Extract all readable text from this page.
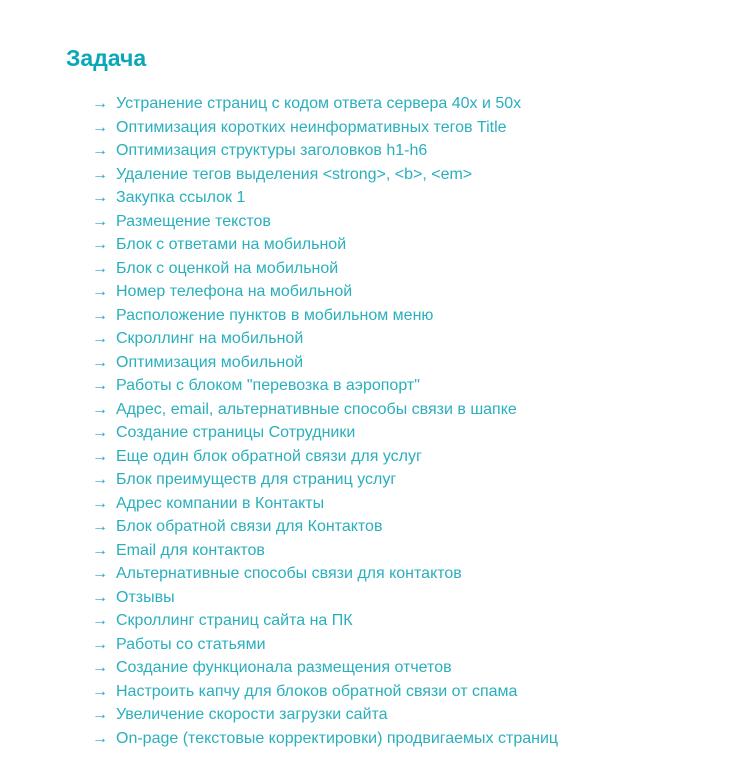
Задача
→ Устранение страниц с кодом ответа сервера 40x и 50x
→ Оптимизация коротких неинформативных тегов Title
→ Оптимизация структуры заголовков h1-h6
→ Удаление тегов выделения <strong>, <b>, <em>
→ Закупка ссылок 1
→ Размещение текстов
→ Блок с ответами на мобильной
→ Блок с оценкой на мобильной
→ Номер телефона на мобильной
→ Расположение пунктов в мобильном меню
→ Скроллинг на мобильной
→ Оптимизация мобильной
→ Работы с блоком "перевозка в аэропорт"
→ Адрес, email, альтернативные способы связи в шапке
→ Создание страницы Сотрудники
→ Еще один блок обратной связи для услуг
→ Блок преимуществ для страниц услуг
→ Адрес компании в Контакты
→ Блок обратной связи для Контактов
→ Email для контактов
→ Альтернативные способы связи для контактов
→ Отзывы
→ Скроллинг страниц сайта на ПК
→ Работы со статьями
→ Создание функционала размещения отчетов
→ Настроить капчу для блоков обратной связи от спама
→ Увеличение скорости загрузки сайта
→ On-page (текстовые корректировки) продвигаемых страниц
